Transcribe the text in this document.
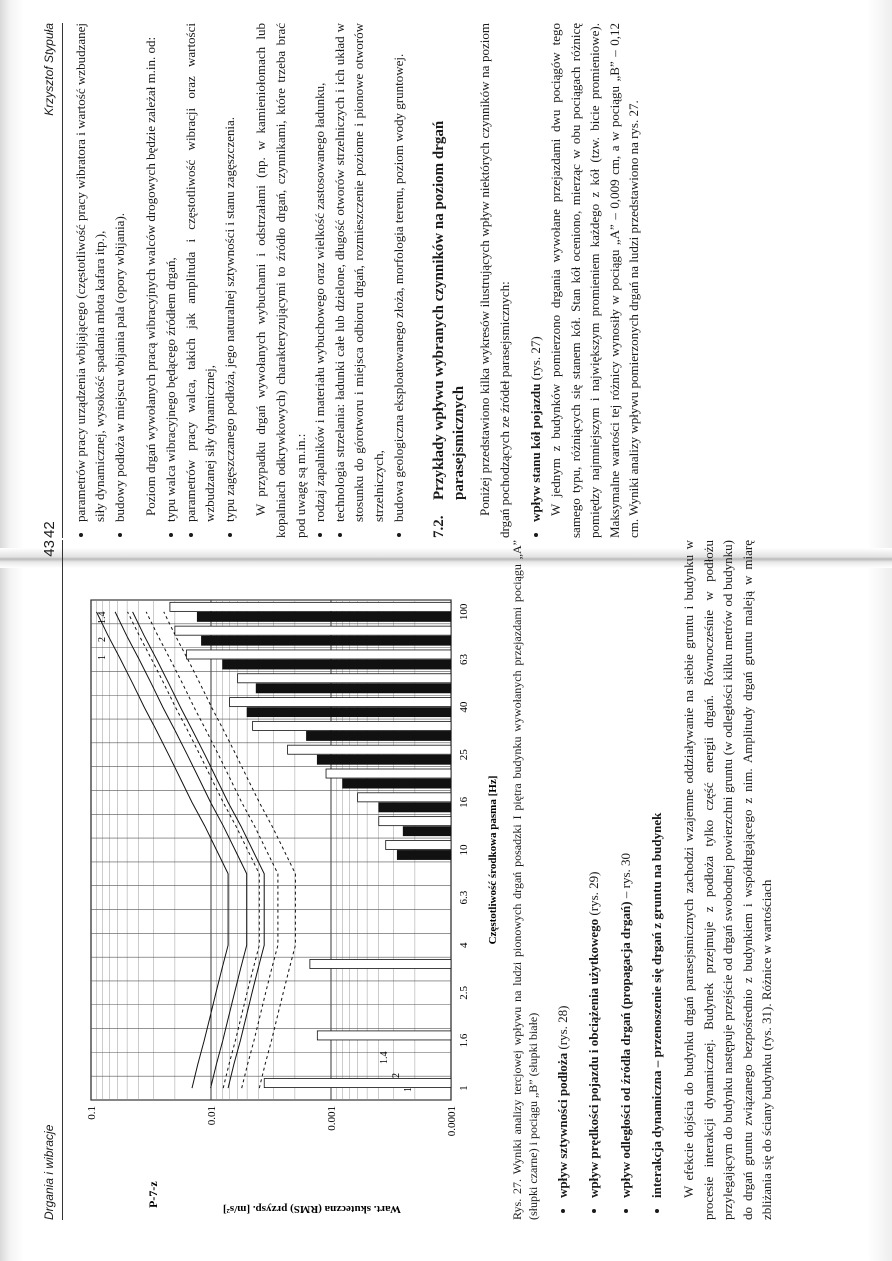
42
Krzysztof Stypuła • parametrów pracy urządzenia wbijającego (częstotliwość pracy wibratora i wartość wzbudzanej siły dynamicznej, wysokość spadania młota kafara itp.), • budowy podłoża w miejscu wbijania pala (opory wbijania). Poziom drgań wywołanych pracą wibracyjnych walców drogowych będzie zależał m.in. od: • typu walca wibracyjnego będącego źródłem drgań, • parametrów pracy walca, takich jak amplituda i częstotliwość wibracji oraz wartości wzbudzanej siły dynamicznej, • typu zagęszczanego podłoża, jego naturalnej sztywności i stanu zagęszczenia. W przypadku drgań wywołanych wybuchami i odstrzałami (np. w kamieniołomach lub kopalniach odkrywkowych) charakteryzującymi to źródło drgań, czynnikami, które trzeba brać pod uwagę są m.in.: • rodzaj zapalników i materiału wybuchowego oraz wielkość zastosowanego ładunku, • technologia strzelania: ładunki całe lub dzielone, długość otworów strzelniczych i ich układ w stosunku do górotworu i miejsca odbioru drgań, rozmieszczenie poziome i pionowe otworów strzelniczych, • budowa geologiczna eksploatowanego złoża, morfologia terenu, poziom wody gruntowej.
7.2.
Przykłady wpływu wybranych czynników na poziom drgań parasejsmicznych Poniżej przedstawiono kilka wykresów ilustrujących wpływ niektórych czynników na poziom drgań pochodzących ze źródeł parasejsmicznych: • wpływ stanu kół pojazdu (rys. 27) W jednym z budynków pomierzono drgania wywołane przejazdami dwu pociągów tego samego typu, różniących się stanem kół. Stan kół oceniono, mierząc w obu pociągach różnicę pomiędzy najmniejszym i największym promieniem każdego z kół (tzw. bicie promieniowe). Maksymalne wartości tej różnicy wynosiły w pociągu „A” – 0,009 cm, a w pociągu „B” – 0,12 cm. Wyniki analizy wpływu pomierzonych drgań na ludzi przedstawiono na rys. 27.

Drgania i wibracje
43
P-7-z
Wart. skuteczna (RMS) przysp. [m/s²]
Częstotliwość środkowa pasma [Hz]
0.1	0.01	0.001	0.0001
1
1.6
2.5
4
6.3
10
16
25
40
63
100
2
1.4
1
2
1.4	Rys. 27. Wyniki analizy tercjowej wpływu na ludzi pionowych drgań posadzki I piętra budynku wywołanych przejazdami pociągu „A” (słupki czarne) i pociągu „B” (słupki białe) • wpływ sztywności podłoża (rys. 28) • wpływ prędkości pojazdu i obciążenia użytkowego (rys. 29)
• wpływ odległości od źródła drgań (propagacja drgań) – rys. 30 • interakcja dynamiczna – przenoszenie się drgań z gruntu na budynek W efekcie dojścia do budynku drgań parasejsmicznych zachodzi wzajemne oddziaływanie na siebie gruntu i budynku w procesie interakcji dynamicznej. Budynek przejmuje z podłoża tylko część energii drgań. Równocześnie w podłożu przylegającym do budynku następuje przejście od drgań swobodnej powierzchni gruntu (w odległości kilku metrów od budynku) do drgań gruntu związanego bezpośrednio z budynkiem i współdrgającego z nim. Amplitudy drgań gruntu maleją w miarę zbliżania się do ściany budynku (rys. 31). Różnice w wartościach
